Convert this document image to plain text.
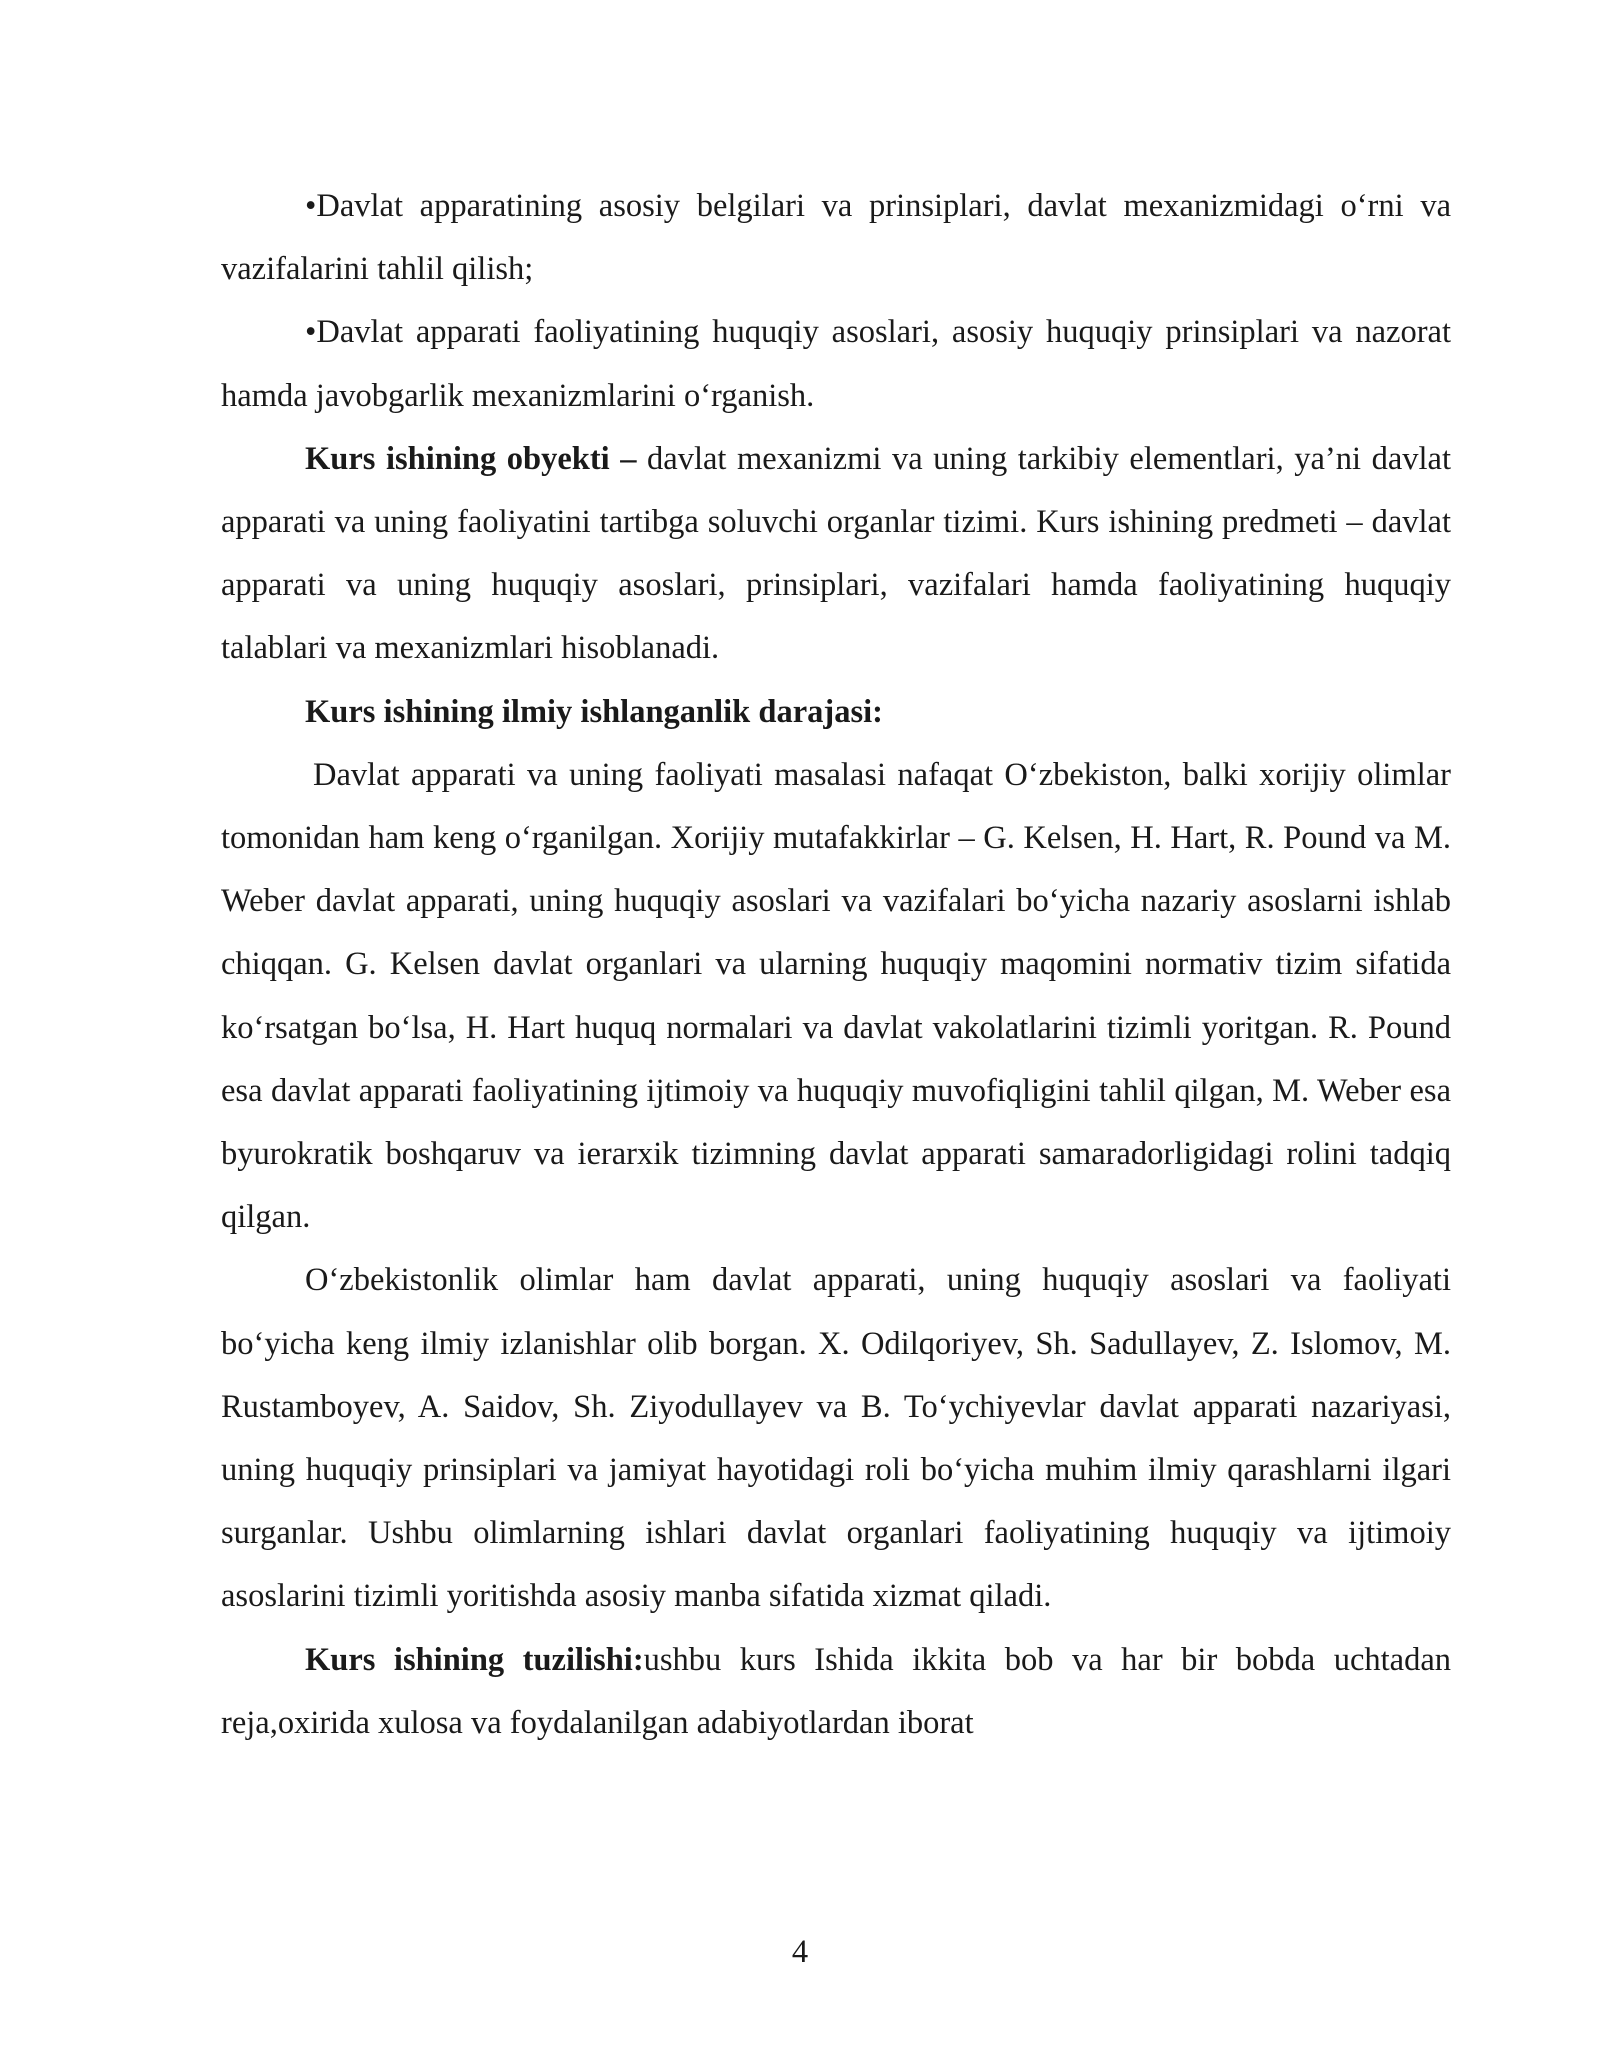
•Davlat apparatining asosiy belgilari va prinsiplari, davlat mexanizmidagi oʻrni va vazifalarini tahlil qilish;

•Davlat apparati faoliyatining huquqiy asoslari, asosiy huquqiy prinsiplari va nazorat hamda javobgarlik mexanizmlarini oʻrganish.

Kurs ishining obyekti – davlat mexanizmi va uning tarkibiy elementlari, ya’ni davlat apparati va uning faoliyatini tartibga soluvchi organlar tizimi. Kurs ishining predmeti – davlat apparati va uning huquqiy asoslari, prinsiplari, vazifalari hamda faoliyatining huquqiy talablari va mexanizmlari hisoblanadi.

Kurs ishining ilmiy ishlanganlik darajasi:

Davlat apparati va uning faoliyati masalasi nafaqat Oʻzbekiston, balki xorijiy olimlar tomonidan ham keng oʻrganilgan. Xorijiy mutafakkirlar – G. Kelsen, H. Hart, R. Pound va M. Weber davlat apparati, uning huquqiy asoslari va vazifalari boʻyicha nazariy asoslarni ishlab chiqqan. G. Kelsen davlat organlari va ularning huquqiy maqomini normativ tizim sifatida koʻrsatgan boʻlsa, H. Hart huquq normalari va davlat vakolatlarini tizimli yoritgan. R. Pound esa davlat apparati faoliyatining ijtimoiy va huquqiy muvofiqligini tahlil qilgan, M. Weber esa byurokratik boshqaruv va ierarxik tizimning davlat apparati samaradorligidagi rolini tadqiq qilgan.

Oʻzbekistonlik olimlar ham davlat apparati, uning huquqiy asoslari va faoliyati boʻyicha keng ilmiy izlanishlar olib borgan. X. Odilqoriyev, Sh. Sadullayev, Z. Islomov, M. Rustamboyev, A. Saidov, Sh. Ziyodullayev va B. Toʻychiyevlar davlat apparati nazariyasi, uning huquqiy prinsiplari va jamiyat hayotidagi roli boʻyicha muhim ilmiy qarashlarni ilgari surganlar. Ushbu olimlarning ishlari davlat organlari faoliyatining huquqiy va ijtimoiy asoslarini tizimli yoritishda asosiy manba sifatida xizmat qiladi.

Kurs ishining tuzilishi:ushbu kurs Ishida ikkita bob va har bir bobda uchtadan reja,oxirida xulosa va foydalanilgan adabiyotlardan iborat

4
